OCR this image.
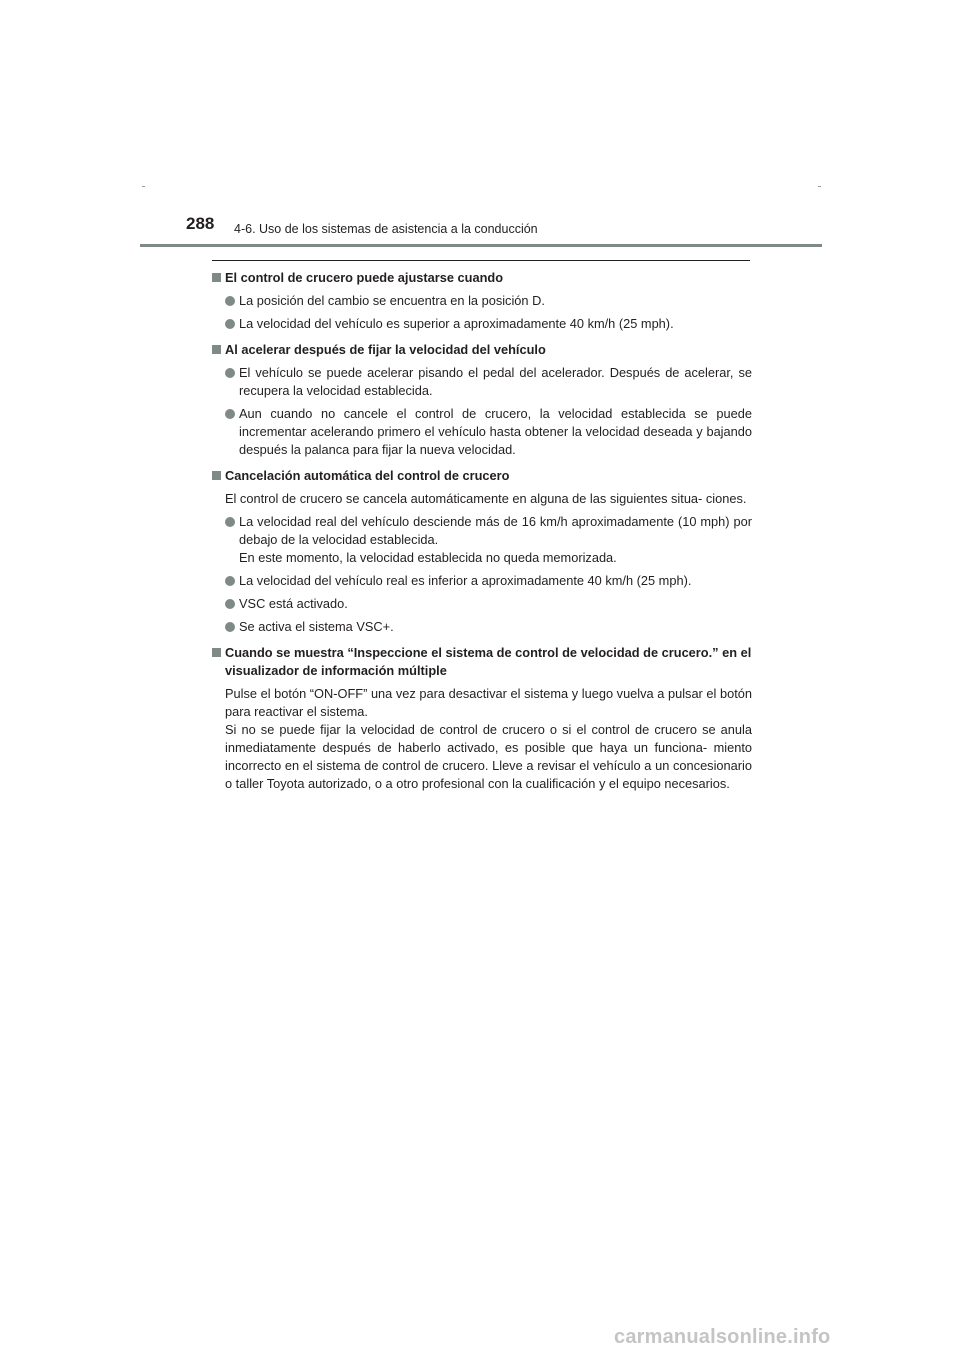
288 4-6. Uso de los sistemas de asistencia a la conducción
El control de crucero puede ajustarse cuando
La posición del cambio se encuentra en la posición D.
La velocidad del vehículo es superior a aproximadamente 40 km/h (25 mph).
Al acelerar después de fijar la velocidad del vehículo
El vehículo se puede acelerar pisando el pedal del acelerador. Después de acelerar, se recupera la velocidad establecida.
Aun cuando no cancele el control de crucero, la velocidad establecida se puede incrementar acelerando primero el vehículo hasta obtener la velocidad deseada y bajando después la palanca para fijar la nueva velocidad.
Cancelación automática del control de crucero
El control de crucero se cancela automáticamente en alguna de las siguientes situa- ciones.
La velocidad real del vehículo desciende más de 16 km/h aproximadamente (10 mph) por debajo de la velocidad establecida.
En este momento, la velocidad establecida no queda memorizada.
La velocidad del vehículo real es inferior a aproximadamente 40 km/h (25 mph).
VSC está activado.
Se activa el sistema VSC+.
Cuando se muestra “Inspeccione el sistema de control de velocidad de crucero.” en el visualizador de información múltiple
Pulse el botón “ON-OFF” una vez para desactivar el sistema y luego vuelva a pulsar el botón para reactivar el sistema.
Si no se puede fijar la velocidad de control de crucero o si el control de crucero se anula inmediatamente después de haberlo activado, es posible que haya un funciona- miento incorrecto en el sistema de control de crucero. Lleve a revisar el vehículo a un concesionario o taller Toyota autorizado, o a otro profesional con la cualificación y el equipo necesarios.
carmanualsonline.info
